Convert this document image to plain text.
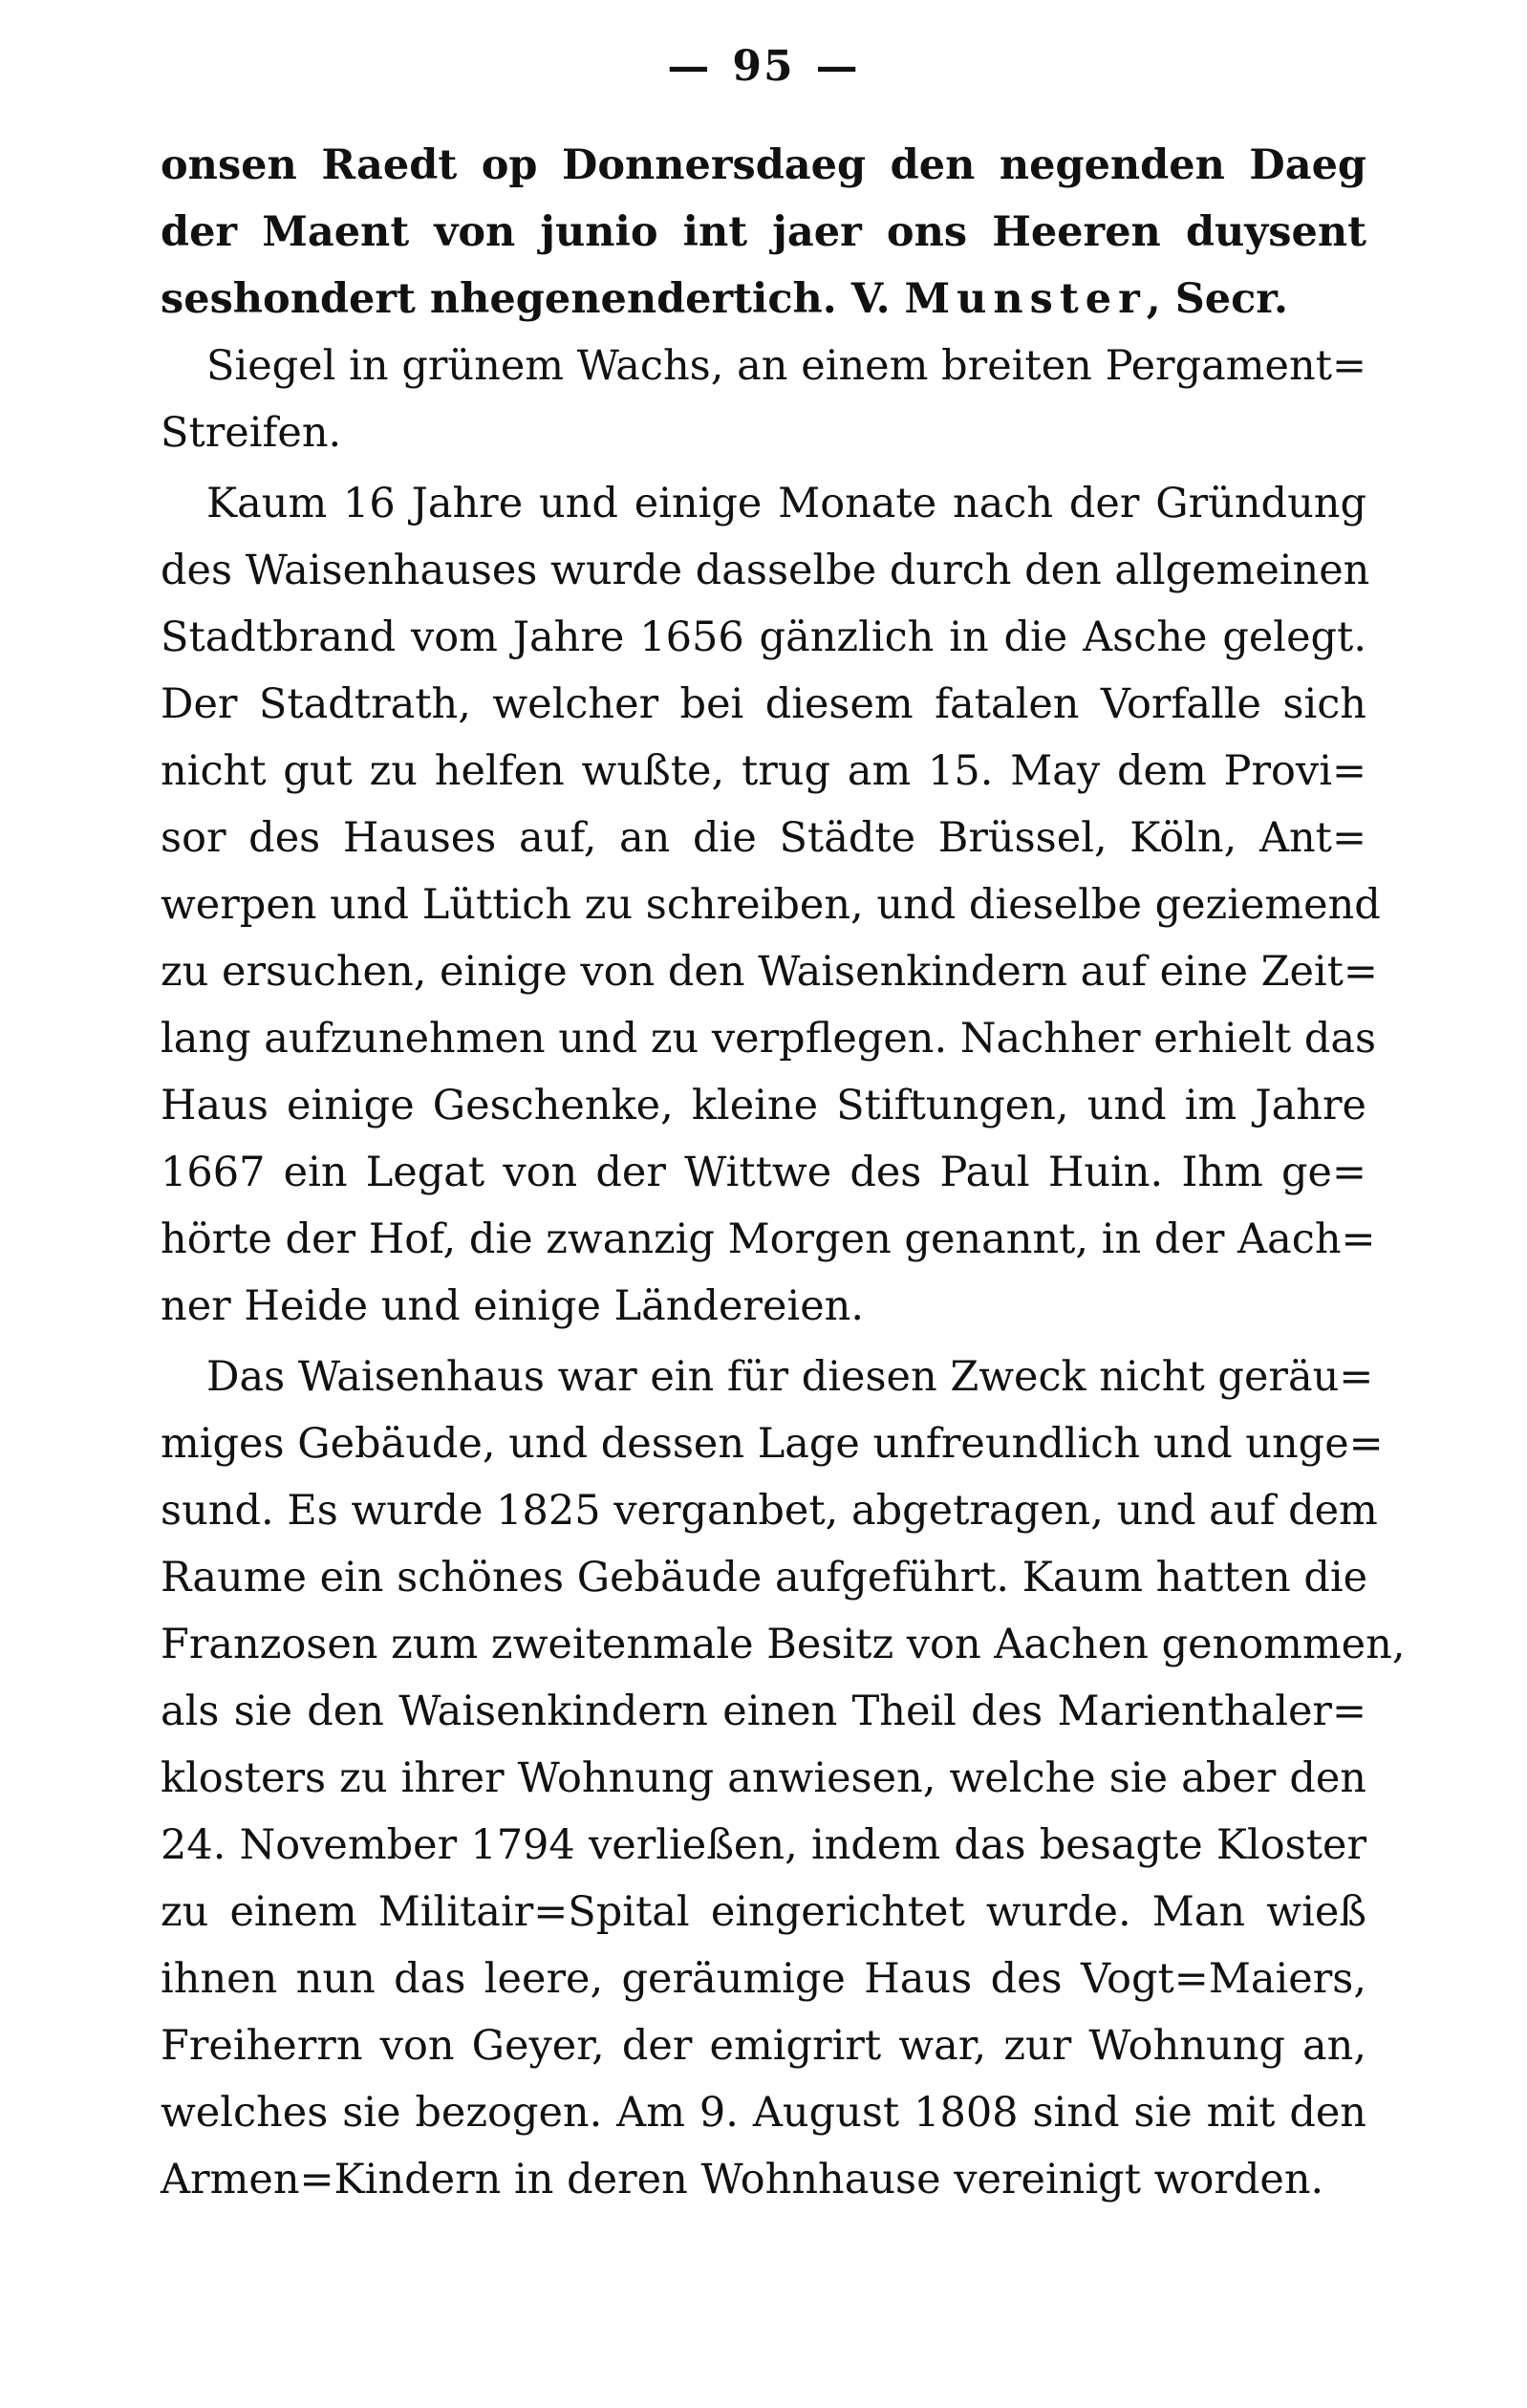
— 95 —
onsen Raedt op Donnersdaeg den negenden Daeg
der Maent von junio int jaer ons Heeren duysent
seshondert nhegenendertich. V. Munster, Secr.
Siegel in grünem Wachs, an einem breiten Pergament=
Streifen.
Kaum 16 Jahre und einige Monate nach der Gründung
des Waisenhauses wurde dasselbe durch den allgemeinen
Stadtbrand vom Jahre 1656 gänzlich in die Asche gelegt.
Der Stadtrath, welcher bei diesem fatalen Vorfalle sich
nicht gut zu helfen wußte, trug am 15. May dem Provi=
sor des Hauses auf, an die Städte Brüssel, Köln, Ant=
werpen und Lüttich zu schreiben, und dieselbe geziemend
zu ersuchen, einige von den Waisenkindern auf eine Zeit=
lang aufzunehmen und zu verpflegen. Nachher erhielt das
Haus einige Geschenke, kleine Stiftungen, und im Jahre
1667 ein Legat von der Wittwe des Paul Huin. Ihm ge=
hörte der Hof, die zwanzig Morgen genannt, in der Aach=
ner Heide und einige Ländereien.
Das Waisenhaus war ein für diesen Zweck nicht geräu=
miges Gebäude, und dessen Lage unfreundlich und unge=
sund. Es wurde 1825 verganbet, abgetragen, und auf dem
Raume ein schönes Gebäude aufgeführt. Kaum hatten die
Franzosen zum zweitenmale Besitz von Aachen genommen,
als sie den Waisenkindern einen Theil des Marienthaler=
klosters zu ihrer Wohnung anwiesen, welche sie aber den
24. November 1794 verließen, indem das besagte Kloster
zu einem Militair=Spital eingerichtet wurde. Man wieß
ihnen nun das leere, geräumige Haus des Vogt=Maiers,
Freiherrn von Geyer, der emigrirt war, zur Wohnung an,
welches sie bezogen. Am 9. August 1808 sind sie mit den
Armen=Kindern in deren Wohnhause vereinigt worden.
